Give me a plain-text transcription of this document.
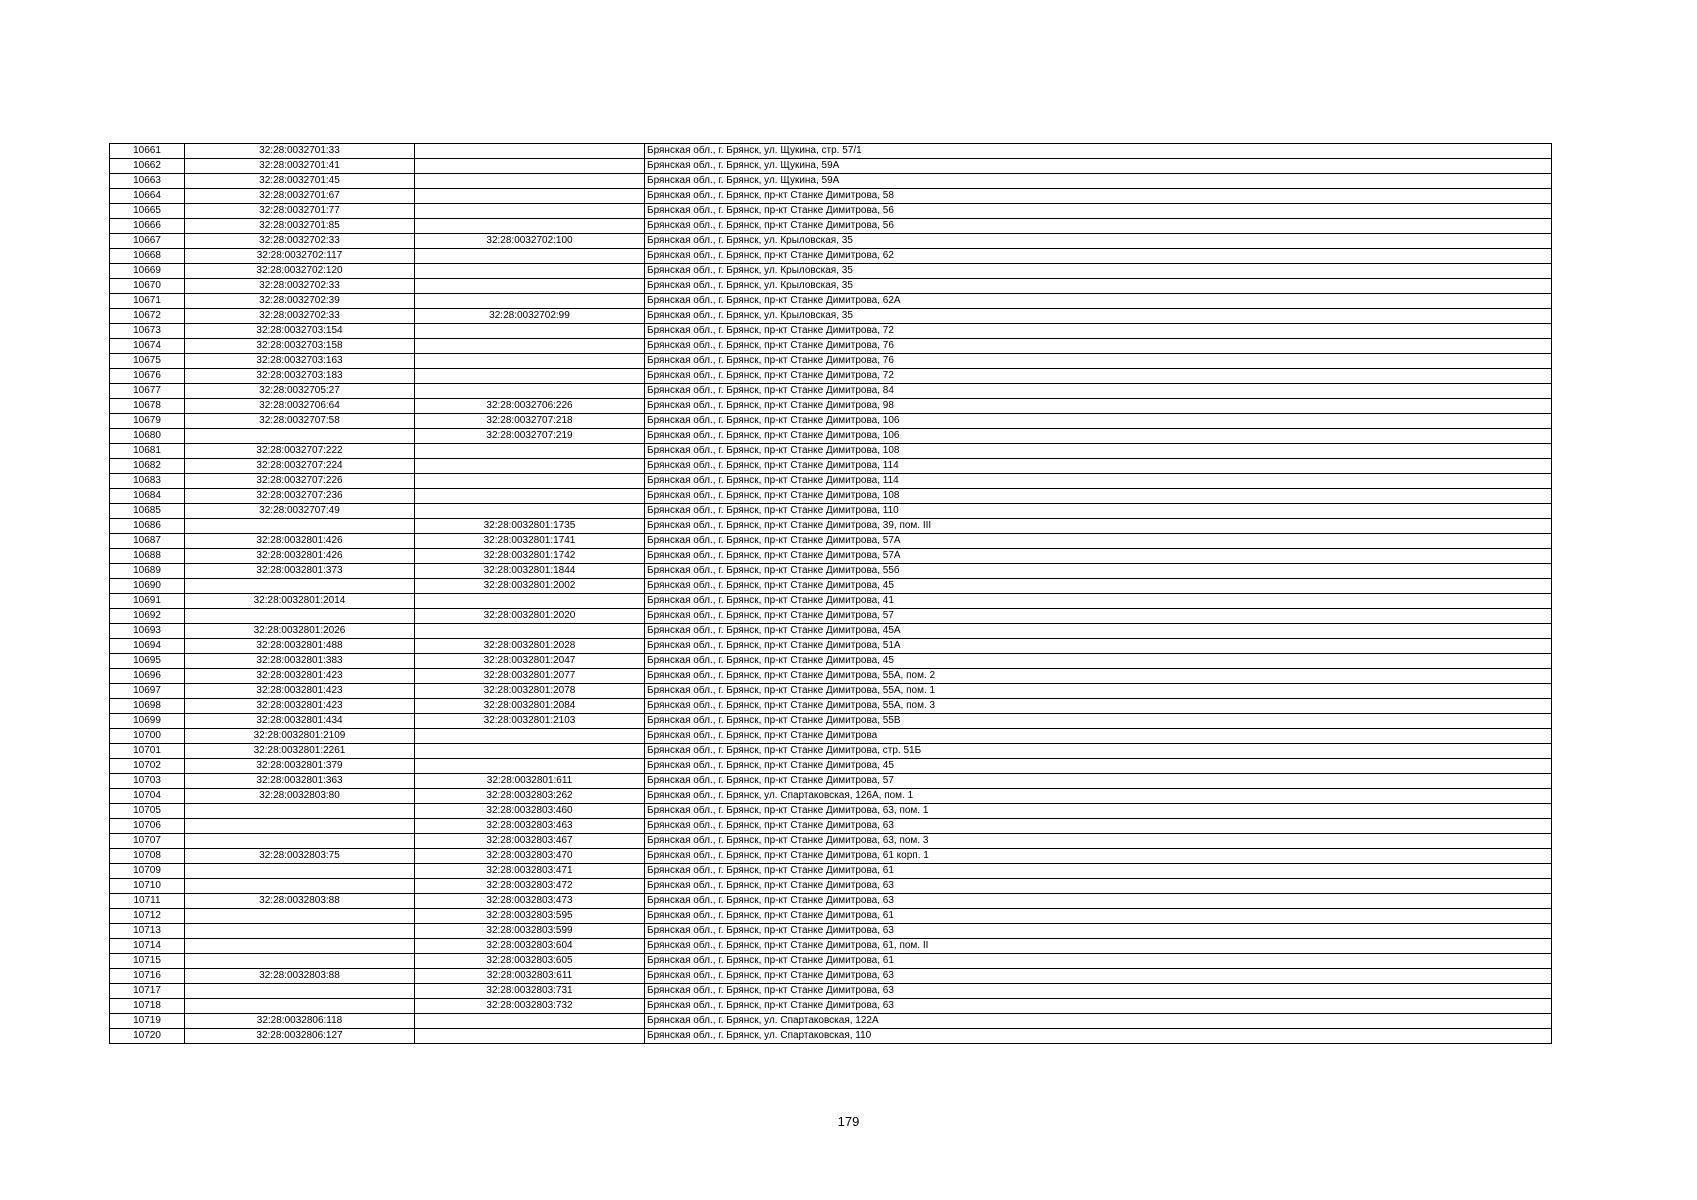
10661	32:28:0032701:33		Брянская обл., г. Брянск, ул. Щукина, стр. 57/1
10662	32:28:0032701:41		Брянская обл., г. Брянск, ул. Щукина, 59А
10663	32:28:0032701:45		Брянская обл., г. Брянск, ул. Щукина, 59А
10664	32:28:0032701:67		Брянская обл., г. Брянск, пр-кт Станке Димитрова, 58
10665	32:28:0032701:77		Брянская обл., г. Брянск, пр-кт Станке Димитрова, 56
10666	32:28:0032701:85		Брянская обл., г. Брянск, пр-кт Станке Димитрова, 56
10667	32:28:0032702:33	32:28:0032702:100	Брянская обл., г. Брянск, ул. Крыловская, 35
10668	32:28:0032702:117		Брянская обл., г. Брянск, пр-кт Станке Димитрова, 62
10669	32:28:0032702:120		Брянская обл., г. Брянск, ул. Крыловская, 35
10670	32:28:0032702:33		Брянская обл., г. Брянск, ул. Крыловская, 35
10671	32:28:0032702:39		Брянская обл., г. Брянск, пр-кт Станке Димитрова, 62А
10672	32:28:0032702:33	32:28:0032702:99	Брянская обл., г. Брянск, ул. Крыловская, 35
10673	32:28:0032703:154		Брянская обл., г. Брянск, пр-кт Станке Димитрова, 72
10674	32:28:0032703:158		Брянская обл., г. Брянск, пр-кт Станке Димитрова, 76
10675	32:28:0032703:163		Брянская обл., г. Брянск, пр-кт Станке Димитрова, 76
10676	32:28:0032703:183		Брянская обл., г. Брянск, пр-кт Станке Димитрова, 72
10677	32:28:0032705:27		Брянская обл., г. Брянск, пр-кт Станке Димитрова, 84
10678	32:28:0032706:64	32:28:0032706:226	Брянская обл., г. Брянск, пр-кт Станке Димитрова, 98
10679	32:28:0032707:58	32:28:0032707:218	Брянская обл., г. Брянск, пр-кт Станке Димитрова, 106
10680		32:28:0032707:219	Брянская обл., г. Брянск, пр-кт Станке Димитрова, 106
10681	32:28:0032707:222		Брянская обл., г. Брянск, пр-кт Станке Димитрова, 108
10682	32:28:0032707:224		Брянская обл., г. Брянск, пр-кт Станке Димитрова, 114
10683	32:28:0032707:226		Брянская обл., г. Брянск, пр-кт Станке Димитрова, 114
10684	32:28:0032707:236		Брянская обл., г. Брянск, пр-кт Станке Димитрова, 108
10685	32:28:0032707:49		Брянская обл., г. Брянск, пр-кт Станке Димитрова, 110
10686		32:28:0032801:1735	Брянская обл., г. Брянск, пр-кт Станке Димитрова, 39, пом. III
10687	32:28:0032801:426	32:28:0032801:1741	Брянская обл., г. Брянск, пр-кт Станке Димитрова, 57А
10688	32:28:0032801:426	32:28:0032801:1742	Брянская обл., г. Брянск, пр-кт Станке Димитрова, 57А
10689	32:28:0032801:373	32:28:0032801:1844	Брянская обл., г. Брянск, пр-кт Станке Димитрова, 55б
10690		32:28:0032801:2002	Брянская обл., г. Брянск, пр-кт Станке Димитрова, 45
10691	32:28:0032801:2014		Брянская обл., г. Брянск, пр-кт Станке Димитрова, 41
10692		32:28:0032801:2020	Брянская обл., г. Брянск, пр-кт Станке Димитрова, 57
10693	32:28:0032801:2026		Брянская обл., г. Брянск, пр-кт Станке Димитрова, 45А
10694	32:28:0032801:488	32:28:0032801:2028	Брянская обл., г. Брянск, пр-кт Станке Димитрова, 51А
10695	32:28:0032801:383	32:28:0032801:2047	Брянская обл., г. Брянск, пр-кт Станке Димитрова, 45
10696	32:28:0032801:423	32:28:0032801:2077	Брянская обл., г. Брянск, пр-кт Станке Димитрова, 55А, пом. 2
10697	32:28:0032801:423	32:28:0032801:2078	Брянская обл., г. Брянск, пр-кт Станке Димитрова, 55А, пом. 1
10698	32:28:0032801:423	32:28:0032801:2084	Брянская обл., г. Брянск, пр-кт Станке Димитрова, 55А, пом. 3
10699	32:28:0032801:434	32:28:0032801:2103	Брянская обл., г. Брянск, пр-кт Станке Димитрова, 55В
10700	32:28:0032801:2109		Брянская обл., г. Брянск, пр-кт Станке Димитрова
10701	32:28:0032801:2261		Брянская обл., г. Брянск, пр-кт Станке Димитрова, стр. 51Б
10702	32:28:0032801:379		Брянская обл., г. Брянск, пр-кт Станке Димитрова, 45
10703	32:28:0032801:363	32:28:0032801:611	Брянская обл., г. Брянск, пр-кт Станке Димитрова, 57
10704	32:28:0032803:80	32:28:0032803:262	Брянская обл., г. Брянск, ул. Спартаковская, 126А, пом. 1
10705		32:28:0032803:460	Брянская обл., г. Брянск, пр-кт Станке Димитрова, 63, пом. 1
10706		32:28:0032803:463	Брянская обл., г. Брянск, пр-кт Станке Димитрова, 63
10707		32:28:0032803:467	Брянская обл., г. Брянск, пр-кт Станке Димитрова, 63, пом. 3
10708	32:28:0032803:75	32:28:0032803:470	Брянская обл., г. Брянск, пр-кт Станке Димитрова, 61 корп. 1
10709		32:28:0032803:471	Брянская обл., г. Брянск, пр-кт Станке Димитрова, 61
10710		32:28:0032803:472	Брянская обл., г. Брянск, пр-кт Станке Димитрова, 63
10711	32:28:0032803:88	32:28:0032803:473	Брянская обл., г. Брянск, пр-кт Станке Димитрова, 63
10712		32:28:0032803:595	Брянская обл., г. Брянск, пр-кт Станке Димитрова, 61
10713		32:28:0032803:599	Брянская обл., г. Брянск, пр-кт Станке Димитрова, 63
10714		32:28:0032803:604	Брянская обл., г. Брянск, пр-кт Станке Димитрова, 61, пом. II
10715		32:28:0032803:605	Брянская обл., г. Брянск, пр-кт Станке Димитрова, 61
10716	32:28:0032803:88	32:28:0032803:611	Брянская обл., г. Брянск, пр-кт Станке Димитрова, 63
10717		32:28:0032803:731	Брянская обл., г. Брянск, пр-кт Станке Димитрова, 63
10718		32:28:0032803:732	Брянская обл., г. Брянск, пр-кт Станке Димитрова, 63
10719	32:28:0032806:118		Брянская обл., г. Брянск, ул. Спартаковская, 122А
10720	32:28:0032806:127		Брянская обл., г. Брянск, ул. Спартаковская, 110
179
